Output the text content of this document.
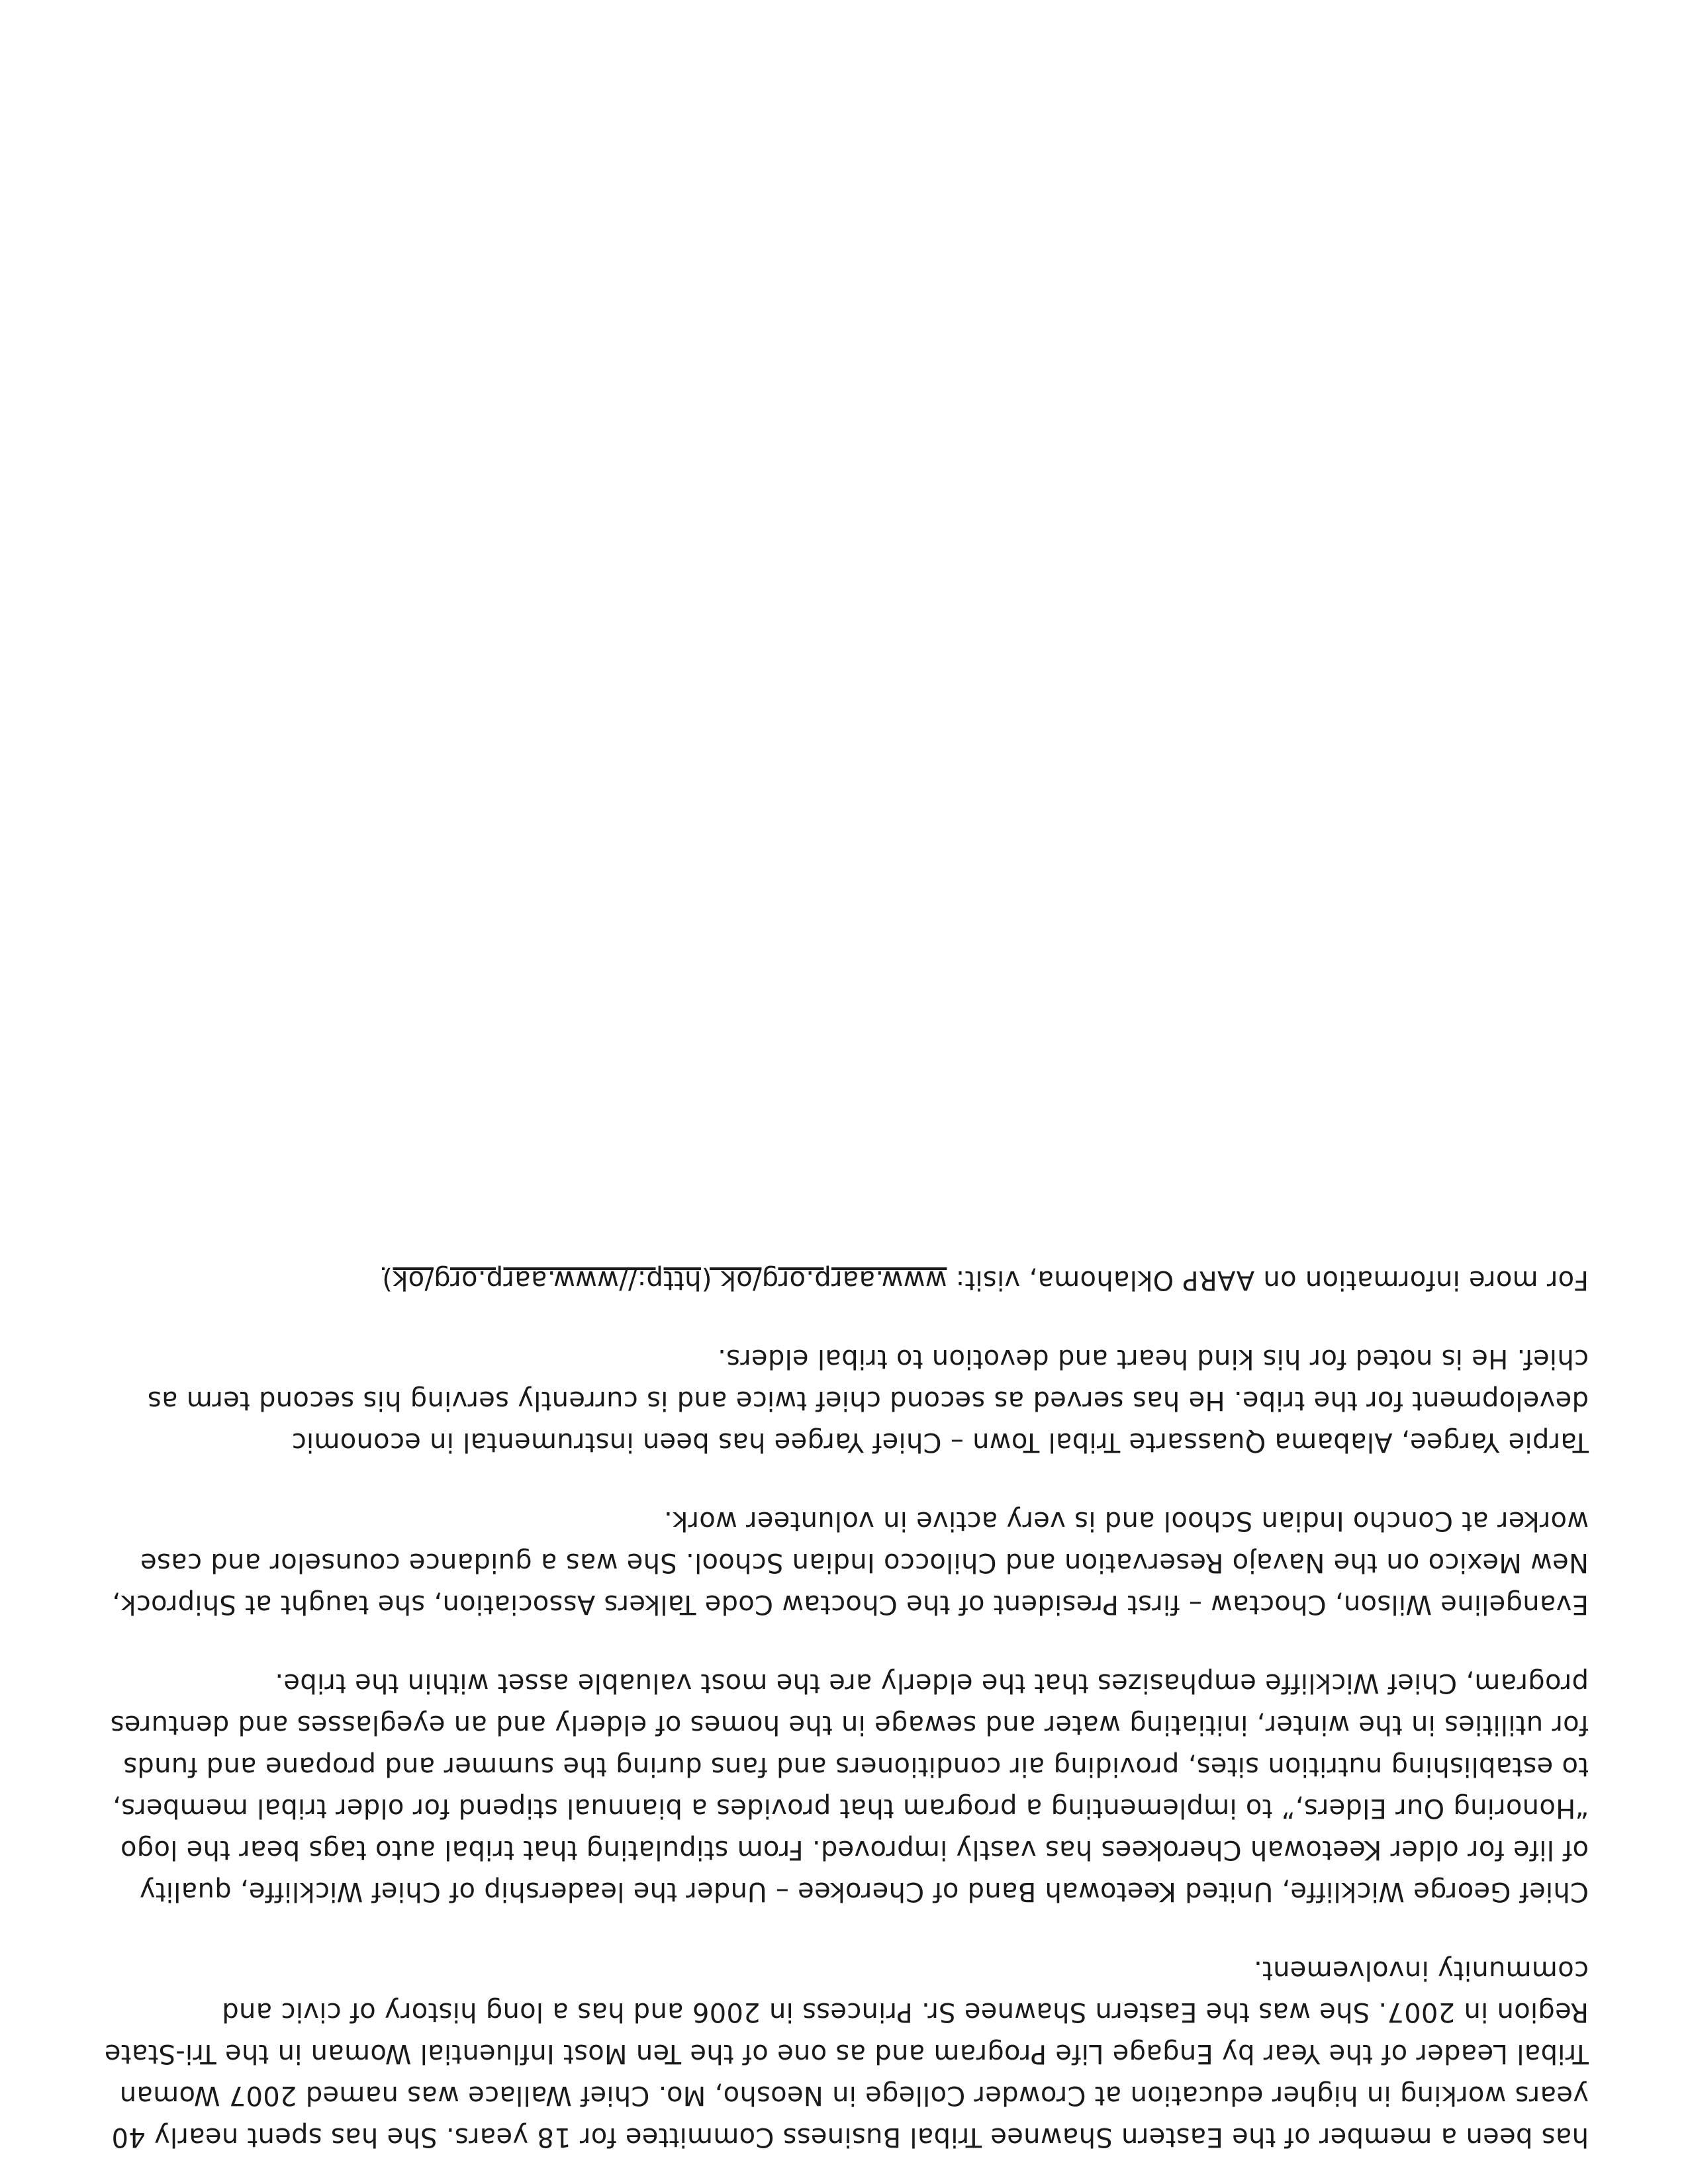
has been a member of the Eastern Shawnee Tribal Business Committee for 18 years. She has spent nearly 40
years working in higher education at Crowder College in Neosho, Mo. Chief Wallace was named 2007 Woman
Tribal Leader of the Year by Engage Life Program and as one of the Ten Most Influential Woman in the Tri-State
Region in 2007. She was the Eastern Shawnee Sr. Princess in 2006 and has a long history of civic and
community involvement.

Chief George Wickliffe, United Keetowah Band of Cherokee – Under the leadership of Chief Wickliffe, quality
of life for older Keetowah Cherokees has vastly improved. From stipulating that tribal auto tags bear the logo
“Honoring Our Elders,” to implementing a program that provides a biannual stipend for older tribal members,
to establishing nutrition sites, providing air conditioners and fans during the summer and propane and funds
for utilities in the winter, initiating water and sewage in the homes of elderly and an eyeglasses and dentures
program, Chief Wickliffe emphasizes that the elderly are the most valuable asset within the tribe.

Evangeline Wilson, Choctaw – first President of the Choctaw Code Talkers Association, she taught at Shiprock,
New Mexico on the Navajo Reservation and Chilocco Indian School. She was a guidance counselor and case
worker at Concho Indian School and is very active in volunteer work.

Tarpie Yargee, Alabama Quassarte Tribal Town – Chief Yargee has been instrumental in economic
development for the tribe. He has served as second chief twice and is currently serving his second term as
chief. He is noted for his kind heart and devotion to tribal elders.

For more information on AARP Oklahoma, visit: www.aarp.org/ok (http://www.aarp.org/ok)
